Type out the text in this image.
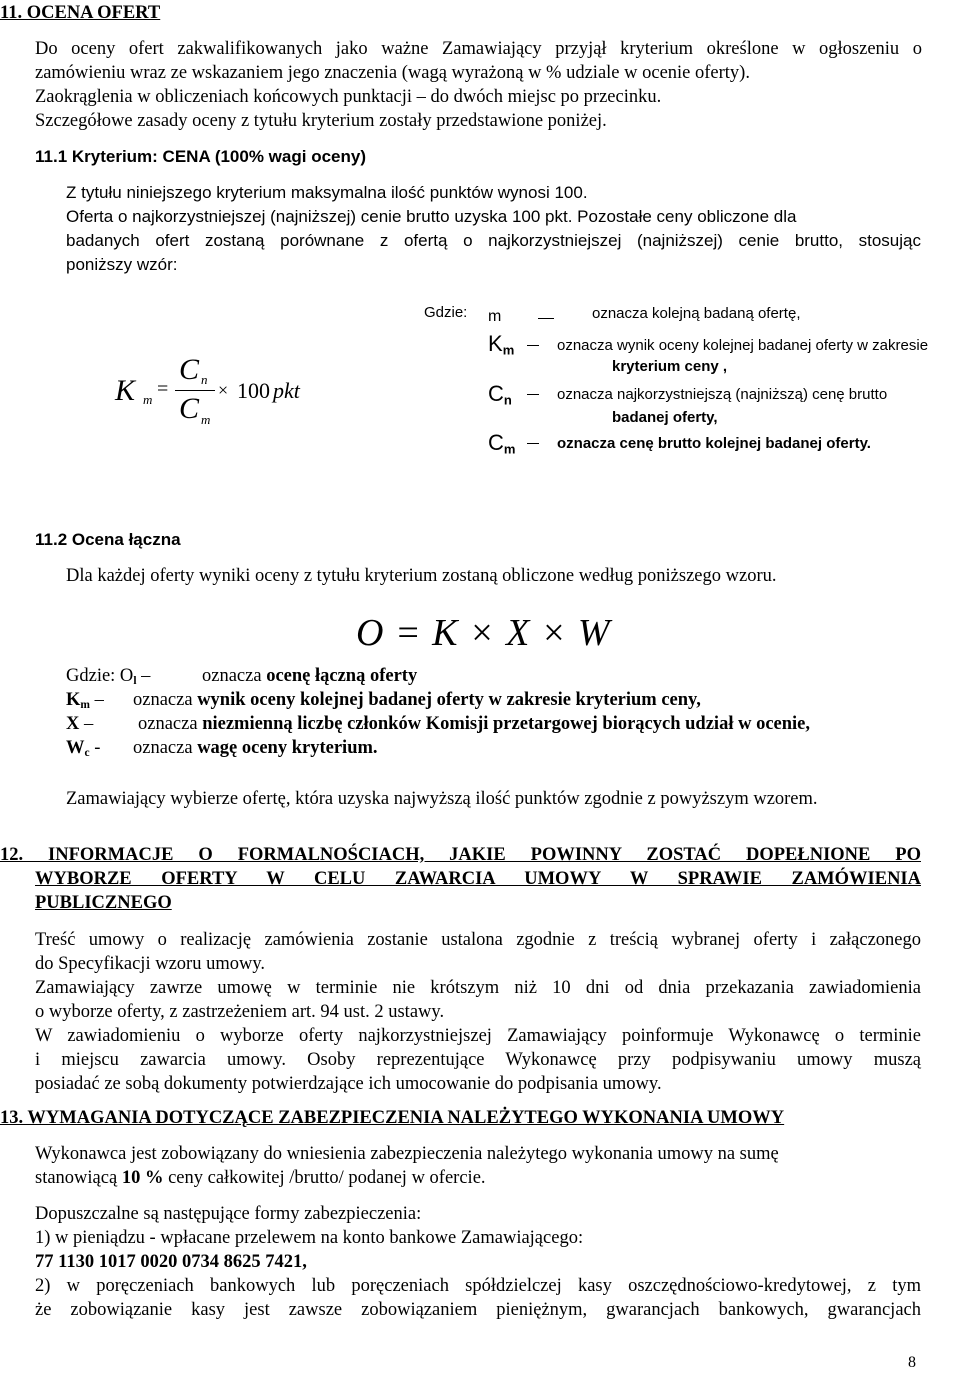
11. OCENA OFERT
Do oceny ofert zakwalifikowanych jako ważne Zamawiający przyjął kryterium określone w ogłoszeniu o
zamówieniu wraz ze wskazaniem jego znaczenia (wagą wyrażoną w % udziale w ocenie oferty).
Zaokrąglenia w obliczeniach końcowych punktacji – do dwóch miejsc po przecinku.
Szczegółowe zasady oceny z tytułu kryterium zostały przedstawione poniżej.
11.1 Kryterium: CENA (100% wagi oceny)
Z tytułu niniejszego kryterium maksymalna ilość punktów wynosi 100.
Oferta o najkorzystniejszej (najniższej) cenie brutto uzyska 100 pkt. Pozostałe ceny obliczone dla
badanych ofert zostaną porównane z ofertą o najkorzystniejszej (najniższej) cenie brutto, stosując
poniższy wzór:
K m =
C n
C m
× 100 pkt
Gdzie: m	oznacza kolejną badaną ofertę,
$K_m$	oznacza wynik oceny kolejnej badanej oferty w zakresie
kryterium ceny ,
$C_n$	oznacza najkorzystniejszą (najniższą) cenę brutto
badanej oferty,
$C_m$	oznacza cenę brutto kolejnej badanej oferty.
11.2 Ocena łączna
Dla każdej oferty wyniki oceny z tytułu kryterium zostaną obliczone według poniższego wzoru.
O = K × X × W
Gdzie: $O_l$ –	oznacza ocenę łączną oferty
$K_m$ – oznacza wynik oceny kolejnej badanej oferty w zakresie kryterium ceny,
X – oznacza niezmienną liczbę członków Komisji przetargowej biorących udział w ocenie,
$W_c$ - oznacza wagę oceny kryterium.
Zamawiający wybierze ofertę, która uzyska najwyższą ilość punktów zgodnie z powyższym wzorem.
12. INFORMACJE O FORMALNOŚCIACH, JAKIE POWINNY ZOSTAĆ DOPEŁNIONE PO
WYBORZE OFERTY W CELU ZAWARCIA UMOWY W SPRAWIE ZAMÓWIENIA
PUBLICZNEGO
Treść umowy o realizację zamówienia zostanie ustalona zgodnie z treścią wybranej oferty i załączonego
do Specyfikacji wzoru umowy.
Zamawiający zawrze umowę w terminie nie krótszym niż 10 dni od dnia przekazania zawiadomienia
o wyborze oferty, z zastrzeżeniem art. 94 ust. 2 ustawy.
W zawiadomieniu o wyborze oferty najkorzystniejszej Zamawiający poinformuje Wykonawcę o terminie
i miejscu zawarcia umowy. Osoby reprezentujące Wykonawcę przy podpisywaniu umowy muszą
posiadać ze sobą dokumenty potwierdzające ich umocowanie do podpisania umowy.
13. WYMAGANIA DOTYCZĄCE ZABEZPIECZENIA NALEŻYTEGO WYKONANIA UMOWY
Wykonawca jest zobowiązany do wniesienia zabezpieczenia należytego wykonania umowy na sumę
stanowiącą 10 % ceny całkowitej /brutto/ podanej w ofercie.
Dopuszczalne są następujące formy zabezpieczenia:
1) w pieniądzu - wpłacane przelewem na konto bankowe Zamawiającego:
77 1130 1017 0020 0734 8625 7421,
2) w poręczeniach bankowych lub poręczeniach spółdzielczej kasy oszczędnościowo-kredytowej, z tym
że zobowiązanie kasy jest zawsze zobowiązaniem pieniężnym, gwarancjach bankowych, gwarancjach
8
